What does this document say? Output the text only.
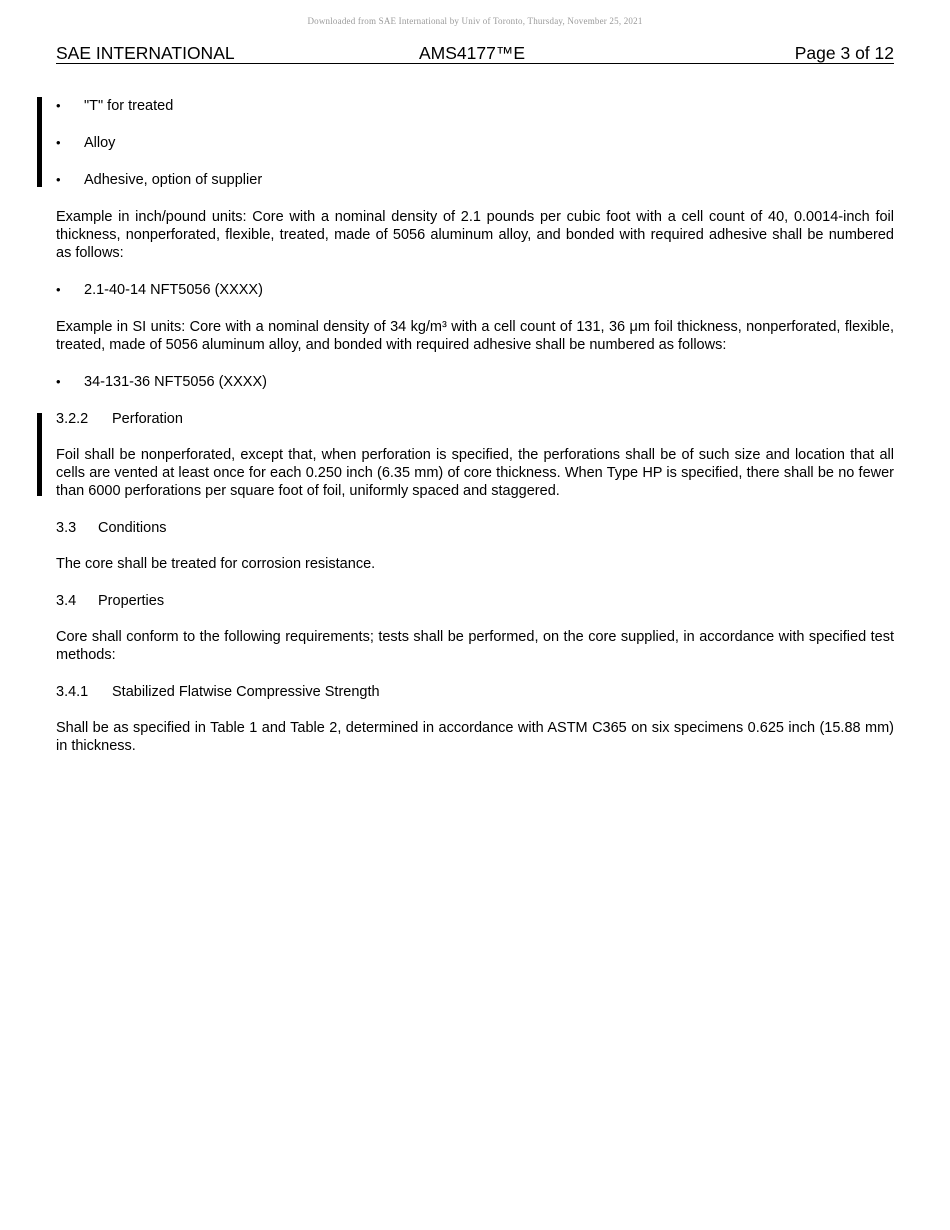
Downloaded from SAE International by Univ of Toronto, Thursday, November 25, 2021
SAE INTERNATIONAL	AMS4177™E	Page 3 of 12
• "T" for treated
• Alloy
• Adhesive, option of supplier

Example in inch/pound units: Core with a nominal density of 2.1 pounds per cubic foot with a cell count of 40, 0.0014-inch foil thickness, nonperforated, flexible, treated, made of 5056 aluminum alloy, and bonded with required adhesive shall be numbered as follows:

• 2.1-40-14 NFT5056 (XXXX)

Example in SI units: Core with a nominal density of 34 kg/m³ with a cell count of 131, 36 μm foil thickness, nonperforated, flexible, treated, made of 5056 aluminum alloy, and bonded with required adhesive shall be numbered as follows:

• 34-131-36 NFT5056 (XXXX)
3.2.2 Perforation

Foil shall be nonperforated, except that, when perforation is specified, the perforations shall be of such size and location that all cells are vented at least once for each 0.250 inch (6.35 mm) of core thickness. When Type HP is specified, there shall be no fewer than 6000 perforations per square foot of foil, uniformly spaced and staggered.

3.3 Conditions

The core shall be treated for corrosion resistance.

3.4 Properties

Core shall conform to the following requirements; tests shall be performed, on the core supplied, in accordance with specified test methods:

3.4.1 Stabilized Flatwise Compressive Strength

Shall be as specified in Table 1 and Table 2, determined in accordance with ASTM C365 on six specimens 0.625 inch (15.88 mm) in thickness.
